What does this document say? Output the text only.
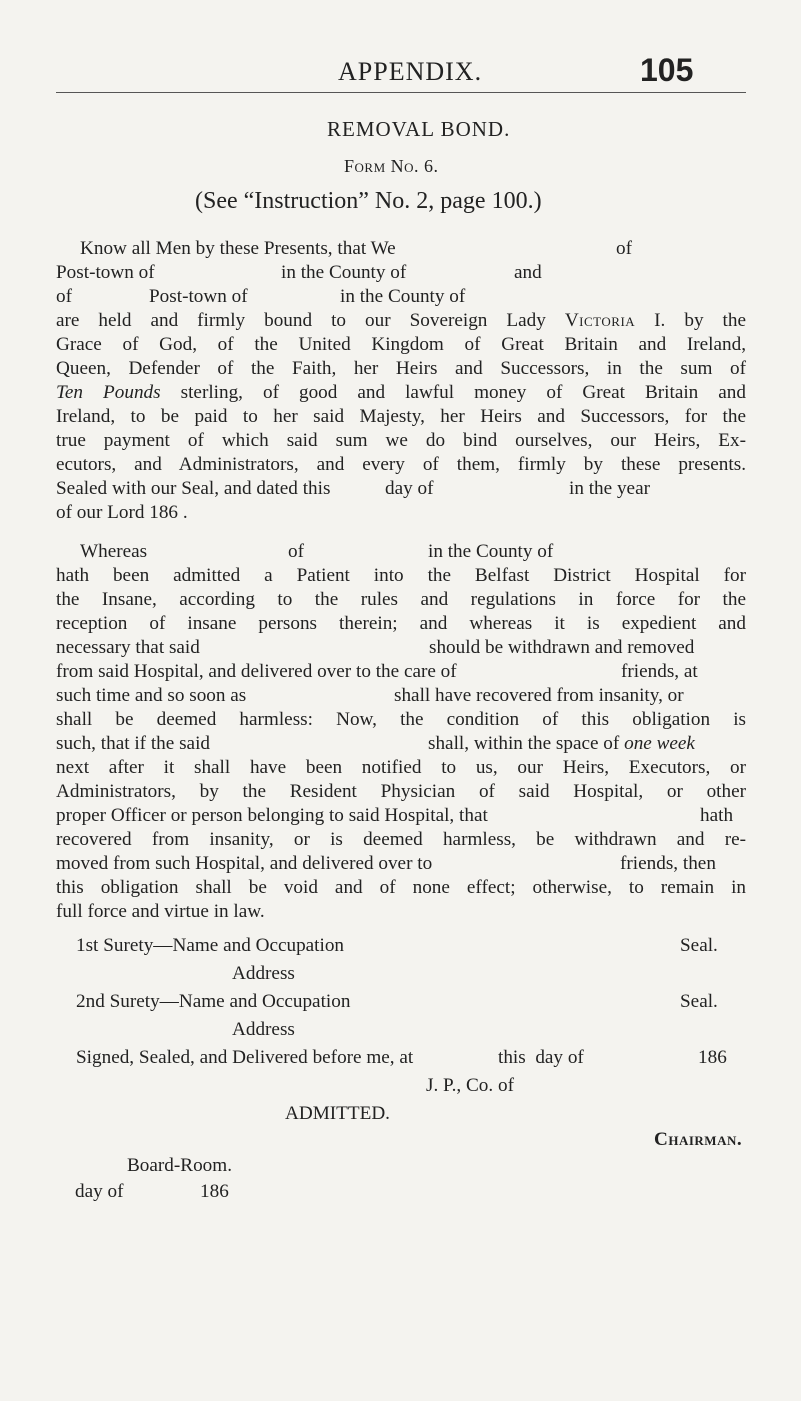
APPENDIX.	105
REMOVAL BOND.
Form No. 6.
(See “Instruction” No. 2, page 100.)
Know all Men by these Presents, that We	of
Post-town of	in the County of	and
of	Post-town of	in the County of
are held and firmly bound to our Sovereign Lady Victoria I. by the
Grace of God, of the United Kingdom of Great Britain and Ireland,
Queen, Defender of the Faith, her Heirs and Successors, in the sum of
Ten Pounds sterling, of good and lawful money of Great Britain and
Ireland, to be paid to her said Majesty, her Heirs and Successors, for the
true payment of which said sum we do bind ourselves, our Heirs, Ex-
ecutors, and Administrators, and every of them, firmly by these presents.
Sealed with our Seal, and dated this	day of	in the year
of our Lord 186 .
Whereas	of	in the County of
hath been admitted a Patient into the Belfast District Hospital for
the Insane, according to the rules and regulations in force for the
reception of insane persons therein; and whereas it is expedient and
necessary that said	should be withdrawn and removed
from said Hospital, and delivered over to the care of	friends, at
such time and so soon as	shall have recovered from insanity, or
shall be deemed harmless: Now, the condition of this obligation is
such, that if the said	shall, within the space of one week
next after it shall have been notified to us, our Heirs, Executors, or
Administrators, by the Resident Physician of said Hospital, or other
proper Officer or person belonging to said Hospital, that	hath
recovered from insanity, or is deemed harmless, be withdrawn and re-
moved from such Hospital, and delivered over to	friends, then
this obligation shall be void and of none effect; otherwise, to remain in
full force and virtue in law.
1st Surety—Name and Occupation	Seal.
Address
2nd Surety—Name and Occupation	Seal.
Address
Signed, Sealed, and Delivered before me, at	this  day of	186
J. P., Co. of
ADMITTED.
Chairman.
Board-Room.
day of	186
